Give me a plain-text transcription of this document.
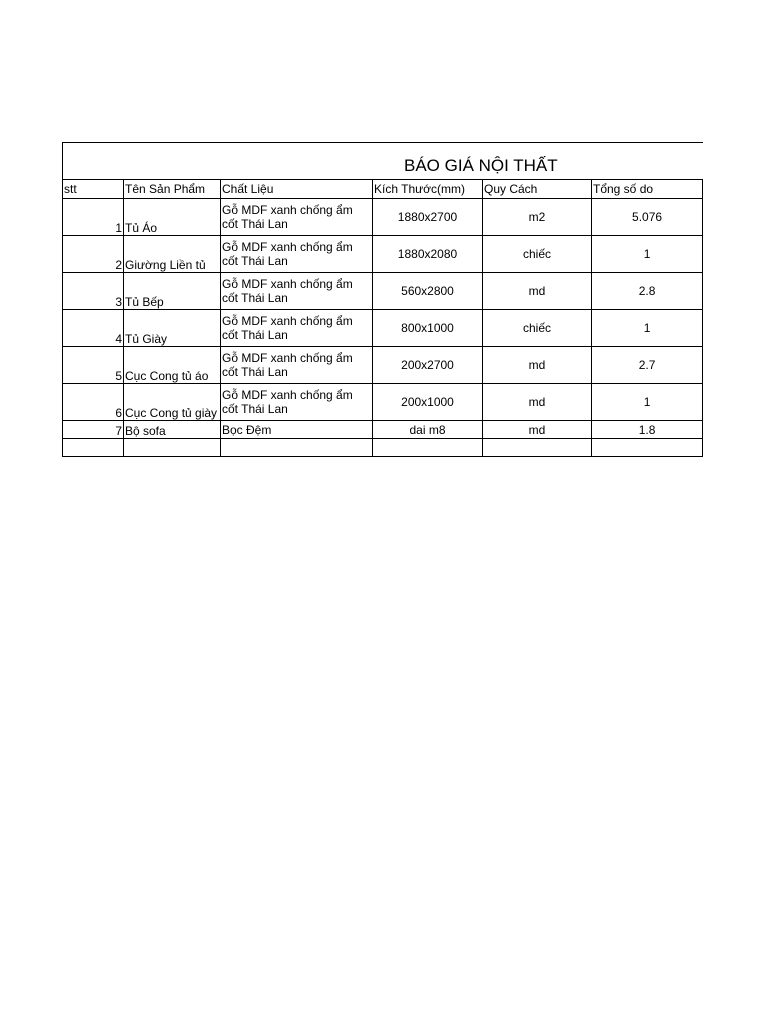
BÁO GIÁ NỘI THẤT					

stt	Tên Sản Phẩm	Chất Liệu	Kích Thước(mm)	Quy Cách	Tổng số do
1	Tủ Áo	Gỗ MDF xanh chống ẩm cốt Thái Lan	1880x2700	m2	5.076
2	Giường Liền tủ	Gỗ MDF xanh chống ẩm cốt Thái Lan	1880x2080	chiếc	1
3	Tủ Bếp	Gỗ MDF xanh chống ẩm cốt Thái Lan	560x2800	md	2.8
4	Tủ Giày	Gỗ MDF xanh chống ẩm cốt Thái Lan	800x1000	chiếc	1
5	Cục Cong tủ áo	Gỗ MDF xanh chống ẩm cốt Thái Lan	200x2700	md	2.7
6	Cục Cong tủ giày	Gỗ MDF xanh chống ẩm cốt Thái Lan	200x1000	md	1
7	Bộ sofa	Bọc Đệm	dai m8	md	1.8
